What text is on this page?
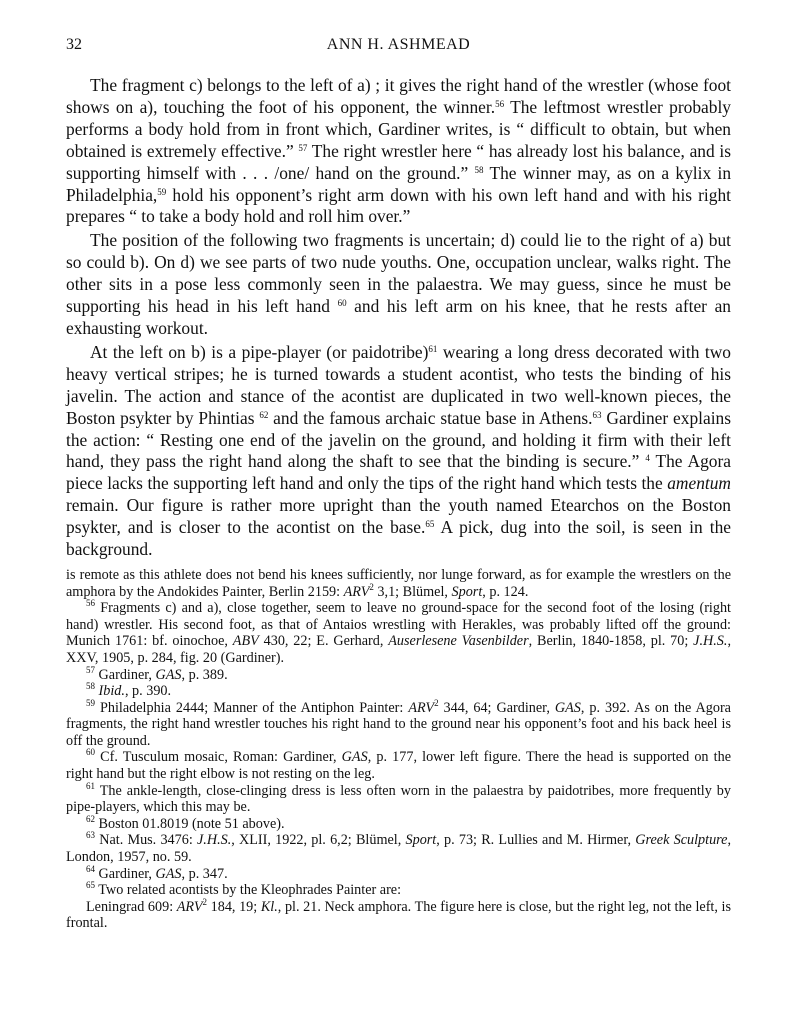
32	ANN H. ASHMEAD

The fragment c) belongs to the left of a) ; it gives the right hand of the wrestler (whose foot shows on a), touching the foot of his opponent, the winner.$^{56}$ The leftmost wrestler probably performs a body hold from in front which, Gardiner writes, is “ difficult to obtain, but when obtained is extremely effective.” $^{57}$ The right wrestler here “ has already lost his balance, and is supporting himself with . . . /one/ hand on the ground.” $^{58}$ The winner may, as on a kylix in Philadelphia,$^{59}$ hold his opponent’s right arm down with his own left hand and with his right prepares “ to take a body hold and roll him over.”

The position of the following two fragments is uncertain; d) could lie to the right of a) but so could b). On d) we see parts of two nude youths. One, occupation unclear, walks right. The other sits in a pose less commonly seen in the palaestra. We may guess, since he must be supporting his head in his left hand $^{60}$ and his left arm on his knee, that he rests after an exhausting workout.

At the left on b) is a pipe-player (or paidotribe)$^{61}$ wearing a long dress decorated with two heavy vertical stripes; he is turned towards a student acontist, who tests the binding of his javelin. The action and stance of the acontist are duplicated in two well-known pieces, the Boston psykter by Phintias $^{62}$ and the famous archaic statue base in Athens.$^{63}$ Gardiner explains the action: “ Resting one end of the javelin on the ground, and holding it firm with their left hand, they pass the right hand along the shaft to see that the binding is secure.” $^4$ The Agora piece lacks the supporting left hand and only the tips of the right hand which tests the amentum remain. Our figure is rather more upright than the youth named Etearchos on the Boston psykter, and is closer to the acontist on the base.$^{65}$ A pick, dug into the soil, is seen in the background.

is remote as this athlete does not bend his knees sufficiently, nor lunge forward, as for example the wrestlers on the amphora by the Andokides Painter, Berlin 2159: ARV$^2$ 3,1; Blümel, Sport, p. 124.

$^{56}$ Fragments c) and a), close together, seem to leave no ground-space for the second foot of the losing (right hand) wrestler. His second foot, as that of Antaios wrestling with Herakles, was probably lifted off the ground: Munich 1761: bf. oinochoe, ABV 430, 22; E. Gerhard, Auserlesene Vasenbilder, Berlin, 1840-1858, pl. 70; J.H.S., XXV, 1905, p. 284, fig. 20 (Gardiner).

$^{57}$ Gardiner, GAS, p. 389.

$^{58}$ Ibid., p. 390.

$^{59}$ Philadelphia 2444; Manner of the Antiphon Painter: ARV$^2$ 344, 64; Gardiner, GAS, p. 392. As on the Agora fragments, the right hand wrestler touches his right hand to the ground near his opponent’s foot and his back heel is off the ground.

$^{60}$ Cf. Tusculum mosaic, Roman: Gardiner, GAS, p. 177, lower left figure. There the head is supported on the right hand but the right elbow is not resting on the leg.

$^{61}$ The ankle-length, close-clinging dress is less often worn in the palaestra by paidotribes, more frequently by pipe-players, which this may be.

$^{62}$ Boston 01.8019 (note 51 above).

$^{63}$ Nat. Mus. 3476: J.H.S., XLII, 1922, pl. 6,2; Blümel, Sport, p. 73; R. Lullies and M. Hirmer, Greek Sculpture, London, 1957, no. 59.

$^{64}$ Gardiner, GAS, p. 347.

$^{65}$ Two related acontists by the Kleophrades Painter are:

Leningrad 609: ARV$^2$ 184, 19; Kl., pl. 21. Neck amphora. The figure here is close, but the right leg, not the left, is frontal.
